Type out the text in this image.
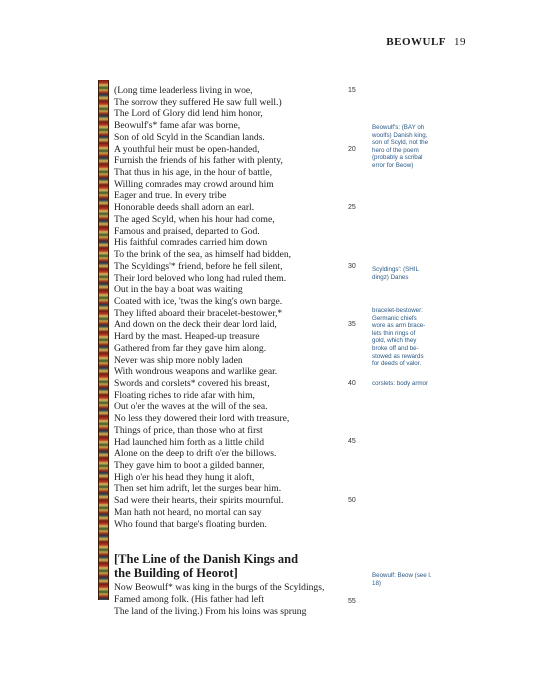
BEOWULF 19
(Long time leaderless living in woe,
The sorrow they suffered He saw full well.)
The Lord of Glory did lend him honor,
Beowulf's* fame afar was borne,
Son of old Scyld in the Scandian lands.
A youthful heir must be open-handed,
Furnish the friends of his father with plenty,
That thus in his age, in the hour of battle,
Willing comrades may crowd around him
Eager and true. In every tribe
Honorable deeds shall adorn an earl.
The aged Scyld, when his hour had come,
Famous and praised, departed to God.
His faithful comrades carried him down
To the brink of the sea, as himself had bidden,
The Scyldings'* friend, before he fell silent,
Their lord beloved who long had ruled them.
Out in the bay a boat was waiting
Coated with ice, 'twas the king's own barge.
They lifted aboard their bracelet-bestower,*
And down on the deck their dear lord laid,
Hard by the mast. Heaped-up treasure
Gathered from far they gave him along.
Never was ship more nobly laden
With wondrous weapons and warlike gear.
Swords and corslets* covered his breast,
Floating riches to ride afar with him,
Out o'er the waves at the will of the sea.
No less they dowered their lord with treasure,
Things of price, than those who at first
Had launched him forth as a little child
Alone on the deep to drift o'er the billows.
They gave him to boot a gilded banner,
High o'er his head they hung it aloft,
Then set him adrift, let the surges bear him.
Sad were their hearts, their spirits mournful.
Man hath not heard, no mortal can say
Who found that barge's floating burden.
[The Line of the Danish Kings and
the Building of Heorot]
Now Beowulf* was king in the burgs of the Scyldings,
Famed among folk. (His father had left
The land of the living.) From his loins was sprung
15
20
25
30
35
40
45
50
55
Beowulf's: (BAY oh
woolfs) Danish king,
son of Scyld, not the
hero of the poem
(probably a scribal
error for Beow)
Scyldings': (SHIL
dingz) Danes
bracelet-bestower:
Germanic chiefs
wore as arm brace-
lets thin rings of
gold, which they
broke off and be-
stowed as rewards
for deeds of valor.
corslets: body armor
Beowulf: Beow (see l.
18)
